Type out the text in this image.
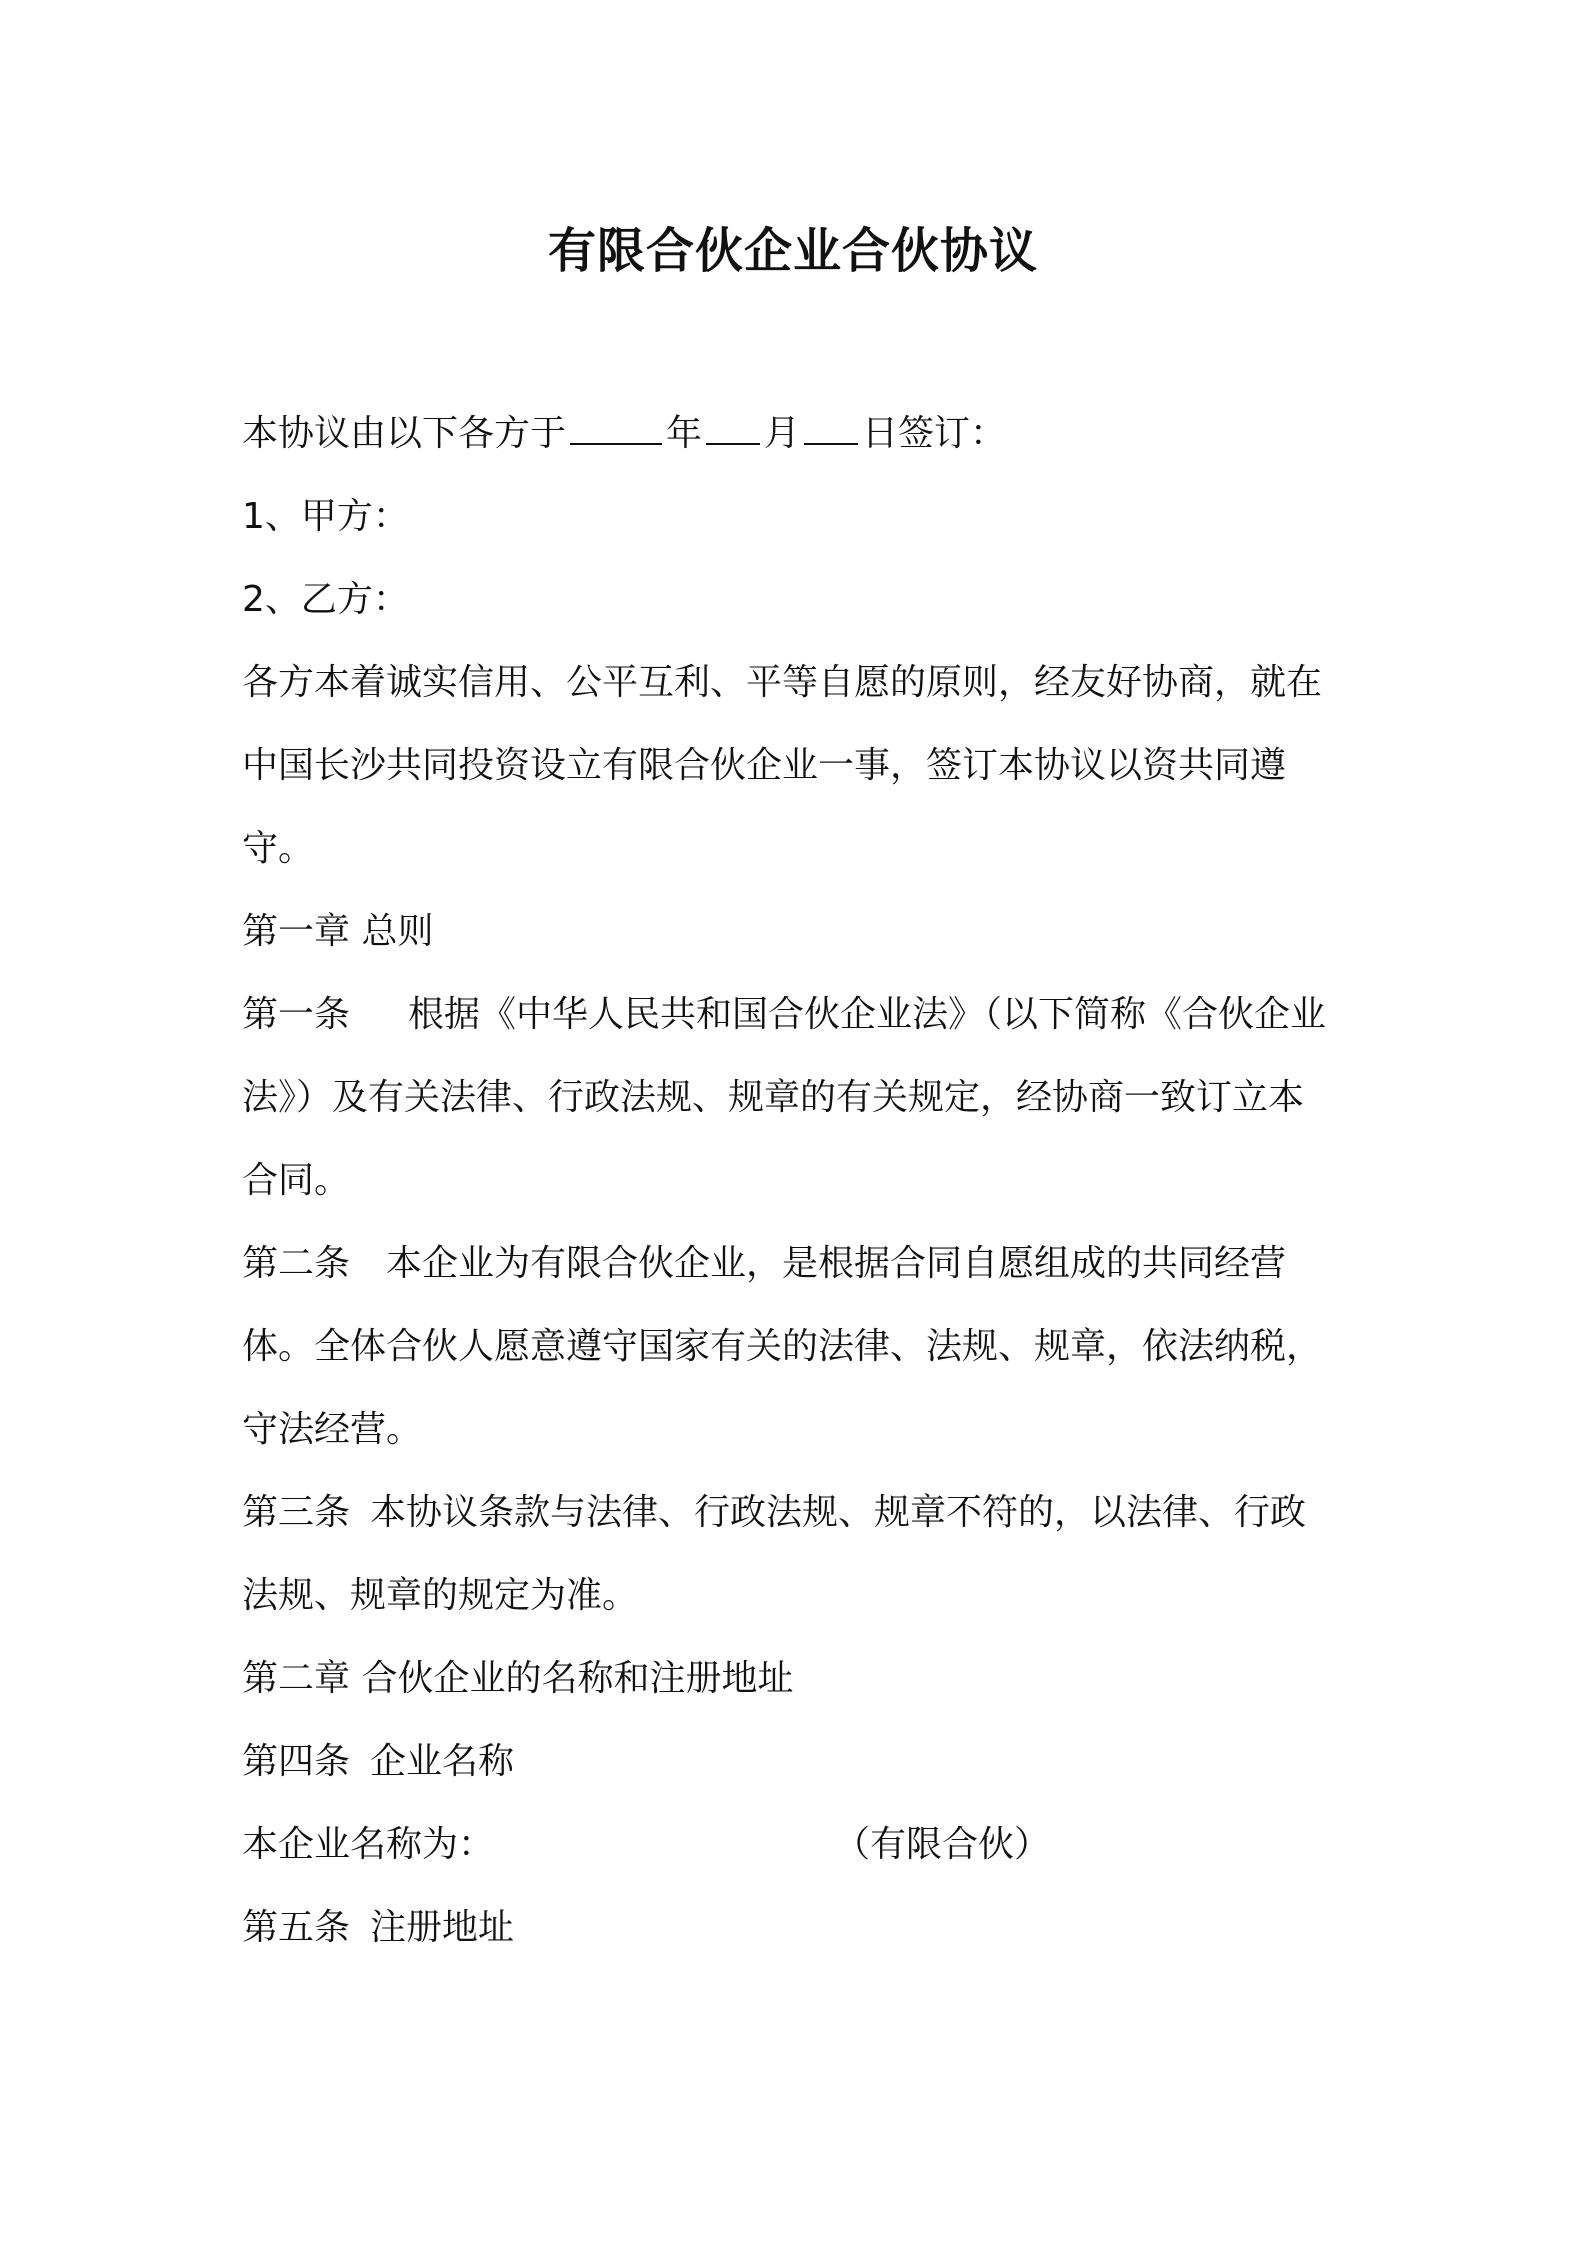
有限合伙企业合伙协议
本协议由以下各方于	年 月 日签订：
1、甲方：
2、乙方：
各方本着诚实信用、公平互利、平等自愿的原则，经友好协商，就在
中国长沙共同投资设立有限合伙企业一事，签订本协议以资共同遵
守。
第一章 总则
第一条 根据《中华人民共和国合伙企业法》（以下简称《合伙企业
法》）及有关法律、行政法规、规章的有关规定，经协商一致订立本
合同。
第二条 本企业为有限合伙企业，是根据合同自愿组成的共同经营
体。全体合伙人愿意遵守国家有关的法律、法规、规章，依法纳税，
守法经营。
第三条 本协议条款与法律、行政法规、规章不符的，以法律、行政
法规、规章的规定为准。
第二章 合伙企业的名称和注册地址
第四条 企业名称
本企业名称为：	（有限合伙）
第五条 注册地址
